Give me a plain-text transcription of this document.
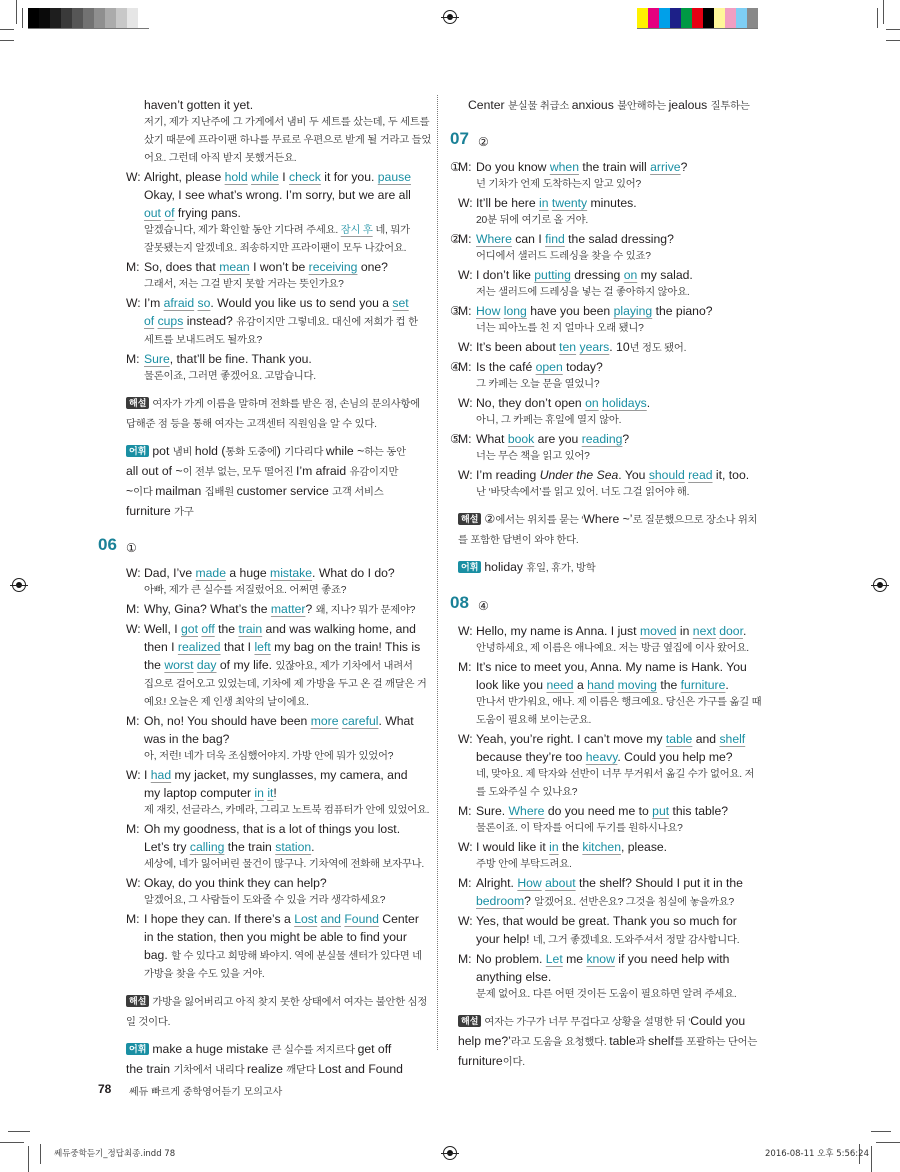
haven’t gotten it yet.
저기, 제가 지난주에 그 가게에서 냄비 두 세트를 샀는데, 두 세트를
샀기 때문에 프라이팬 하나를 무료로 우편으로 받게 될 거라고 들었
어요. 그런데 아직 받지 못했거든요.
W: Alright, please hold while I check it for you. pause
Okay, I see what’s wrong. I’m sorry, but we are all
out of frying pans.
알겠습니다, 제가 확인할 동안 기다려 주세요. 잠시 후 네, 뭐가
잘못됐는지 알겠네요. 죄송하지만 프라이팬이 모두 나갔어요.
M: So, does that mean I won’t be receiving one?
그래서, 저는 그걸 받지 못할 거라는 뜻인가요?
W: I’m afraid so. Would you like us to send you a set
of cups instead? 유감이지만 그렇네요. 대신에 저희가 컵 한
세트를 보내드려도 될까요?
M: Sure, that’ll be fine. Thank you.
물론이죠, 그러면 좋겠어요. 고맙습니다.
해설 여자가 가게 이름을 말하며 전화를 받은 점, 손님의 문의사항에
답해준 점 등을 통해 여자는 고객센터 직원임을 알 수 있다.
어휘 pot 냄비 hold (통화 도중에) 기다리다 while ~하는 동안
all out of ~이 전부 없는, 모두 떨어진 I’m afraid 유감이지만
~이다 mailman 집배원 customer service 고객 서비스
furniture 가구
06 ①
W: Dad, I’ve made a huge mistake. What do I do?
아빠, 제가 큰 실수를 저질렀어요. 어쩌면 좋죠?
M: Why, Gina? What’s the matter? 왜, 지나? 뭐가 문제야?
W: Well, I got off the train and was walking home, and
then I realized that I left my bag on the train! This is
the worst day of my life. 있잖아요, 제가 기차에서 내려서
집으로 걸어오고 있었는데, 기차에 제 가방을 두고 온 걸 깨달은 거
예요! 오늘은 제 인생 최악의 날이에요.
M: Oh, no! You should have been more careful. What
was in the bag?
아, 저런! 네가 더욱 조심했어야지. 가방 안에 뭐가 있었어?
W: I had my jacket, my sunglasses, my camera, and
my laptop computer in it!
제 재킷, 선글라스, 카메라, 그리고 노트북 컴퓨터가 안에 있었어요.
M: Oh my goodness, that is a lot of things you lost.
Let’s try calling the train station.
세상에, 네가 잃어버린 물건이 많구나. 기차역에 전화해 보자꾸나.
W: Okay, do you think they can help?
알겠어요, 그 사람들이 도와줄 수 있을 거라 생각하세요?
M: I hope they can. If there’s a Lost and Found Center
in the station, then you might be able to find your
bag. 할 수 있다고 희망해 봐야지. 역에 분실물 센터가 있다면 네
가방을 찾을 수도 있을 거야.
해설 가방을 잃어버리고 아직 찾지 못한 상태에서 여자는 불안한 심정
일 것이다.
어휘 make a huge mistake 큰 실수를 저지르다 get off
the train 기차에서 내리다 realize 깨닫다 Lost and Found
Center 분실물 취급소 anxious 불안해하는 jealous 질투하는
07 ②
①
M: Do you know when the train will arrive?
넌 기차가 언제 도착하는지 알고 있어?
W: It’ll be here in twenty minutes.
20분 뒤에 여기로 올 거야.
②
M: Where can I find the salad dressing?
어디에서 샐러드 드레싱을 찾을 수 있죠?
W: I don’t like putting dressing on my salad.
저는 샐러드에 드레싱을 넣는 걸 좋아하지 않아요.
③
M: How long have you been playing the piano?
너는 피아노를 친 지 얼마나 오래 됐니?
W: It’s been about ten years. 10년 정도 됐어.
④
M: Is the café open today?
그 카페는 오늘 문을 열었니?
W: No, they don’t open on holidays.
아니, 그 카페는 휴일에 열지 않아.
⑤
M: What book are you reading?
너는 무슨 책을 읽고 있어?
W: I’m reading Under the Sea. You should read it, too.
난 ‘바닷속에서’를 읽고 있어. 너도 그걸 읽어야 해.
해설 ②에서는 위치를 묻는 ‘Where ~’로 질문했으므로 장소나 위치
를 포함한 답변이 와야 한다.
어휘 holiday 휴일, 휴가, 방학
08 ④
W: Hello, my name is Anna. I just moved in next door.
안녕하세요, 제 이름은 애나예요. 저는 방금 옆집에 이사 왔어요.
M: It’s nice to meet you, Anna. My name is Hank. You
look like you need a hand moving the furniture.
만나서 반가워요, 애나. 제 이름은 행크예요. 당신은 가구를 옮길 때
도움이 필요해 보이는군요.
W: Yeah, you’re right. I can’t move my table and shelf
because they’re too heavy. Could you help me?
네, 맞아요. 제 탁자와 선반이 너무 무거워서 옮길 수가 없어요. 저
를 도와주실 수 있나요?
M: Sure. Where do you need me to put this table?
물론이죠. 이 탁자를 어디에 두기를 원하시나요?
W: I would like it in the kitchen, please.
주방 안에 부탁드려요.
M: Alright. How about the shelf? Should I put it in the
bedroom? 알겠어요. 선반은요? 그것을 침실에 놓을까요?
W: Yes, that would be great. Thank you so much for
your help! 네, 그거 좋겠네요. 도와주셔서 정말 감사합니다.
M: No problem. Let me know if you need help with
anything else.
문제 없어요. 다른 어떤 것이든 도움이 필요하면 알려 주세요.
해설 여자는 가구가 너무 무겁다고 상황을 설명한 뒤 ‘Could you
help me?’라고 도움을 요청했다. table과 shelf를 포괄하는 단어는
furniture이다.
78 쎄듀 빠르게 중학영어듣기 모의고사
쎄듀중학듣기_정답최종.indd 78	2016-08-11 오후 5:56:24
